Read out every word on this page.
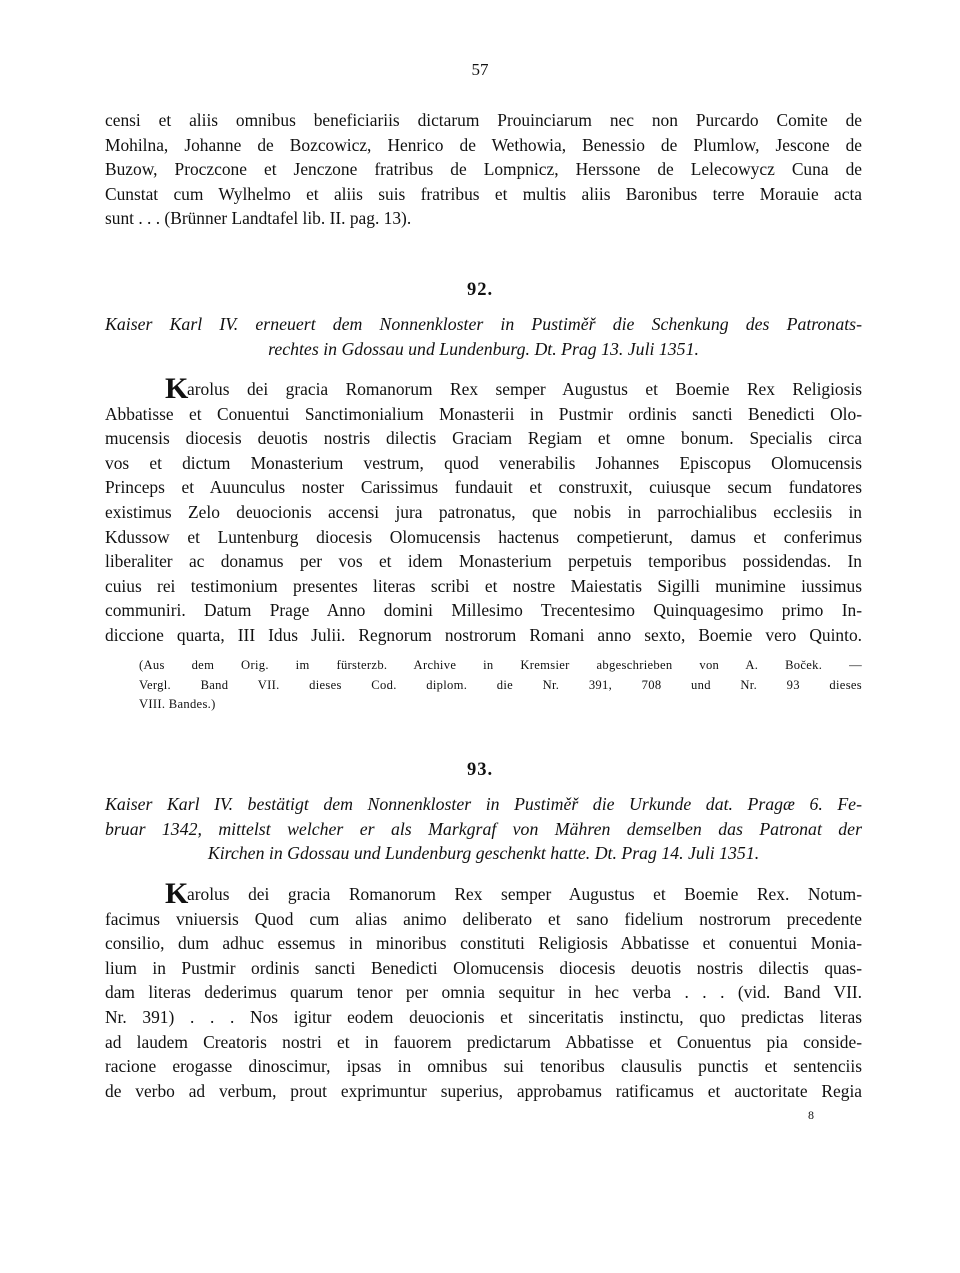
57
censi et aliis omnibus beneficiariis dictarum Prouinciarum nec non Purcardo Comite de
Mohilna, Johanne de Bozcowicz, Henrico de Wethowia, Benessio de Plumlow, Jescone de
Buzow, Proczcone et Jenczone fratribus de Lompnicz, Herssone de Lelecowycz Cuna de
Cunstat cum Wylhelmo et aliis suis fratribus et multis aliis Baronibus terre Morauie acta
sunt . . . (Brünner Landtafel lib. II. pag. 13).
92.
Kaiser Karl IV. erneuert dem Nonnenkloster in Pustiměř die Schenkung des Patronats-
rechtes in Gdossau und Lundenburg. Dt. Prag 13. Juli 1351.
K
arolus dei gracia Romanorum Rex semper Augustus et Boemie Rex Religiosis
Abbatisse et Conuentui Sanctimonialium Monasterii in Pustmir ordinis sancti Benedicti Olo-
mucensis diocesis deuotis nostris dilectis Graciam Regiam et omne bonum. Specialis circa
vos et dictum Monasterium vestrum, quod venerabilis Johannes Episcopus Olomucensis
Princeps et Auunculus noster Carissimus fundauit et construxit, cuiusque secum fundatores
existimus Zelo deuocionis accensi jura patronatus, que nobis in parrochialibus ecclesiis in
Kdussow et Luntenburg diocesis Olomucensis hactenus competierunt, damus et conferimus
liberaliter ac donamus per vos et idem Monasterium perpetuis temporibus possidendas. In
cuius rei testimonium presentes literas scribi et nostre Maiestatis Sigilli munimine iussimus
communiri. Datum Prage Anno domini Millesimo Trecentesimo Quinquagesimo primo In-
diccione quarta, III Idus Julii. Regnorum nostrorum Romani anno sexto, Boemie vero Quinto.
(Aus dem Orig. im fürsterzb. Archive in Kremsier abgeschrieben von A. Boček. —
Vergl. Band VII. dieses Cod. diplom. die Nr. 391, 708 und Nr. 93 dieses
VIII. Bandes.)
93.
Kaiser Karl IV. bestätigt dem Nonnenkloster in Pustiměř die Urkunde dat. Pragæ 6. Fe-
bruar 1342, mittelst welcher er als Markgraf von Mähren demselben das Patronat der
Kirchen in Gdossau und Lundenburg geschenkt hatte. Dt. Prag 14. Juli 1351.
K
arolus dei gracia Romanorum Rex semper Augustus et Boemie Rex. Notum-
facimus vniuersis Quod cum alias animo deliberato et sano fidelium nostrorum precedente
consilio, dum adhuc essemus in minoribus constituti Religiosis Abbatisse et conuentui Monia-
lium in Pustmir ordinis sancti Benedicti Olomucensis diocesis deuotis nostris dilectis quas-
dam literas dederimus quarum tenor per omnia sequitur in hec verba . . . (vid. Band VII.
Nr. 391) . . . Nos igitur eodem deuocionis et sinceritatis instinctu, quo predictas literas
ad laudem Creatoris nostri et in fauorem predictarum Abbatisse et Conuentus pia conside-
racione erogasse dinoscimur, ipsas in omnibus sui tenoribus clausulis punctis et sentenciis
de verbo ad verbum, prout exprimuntur superius, approbamus ratificamus et auctoritate Regia
8
